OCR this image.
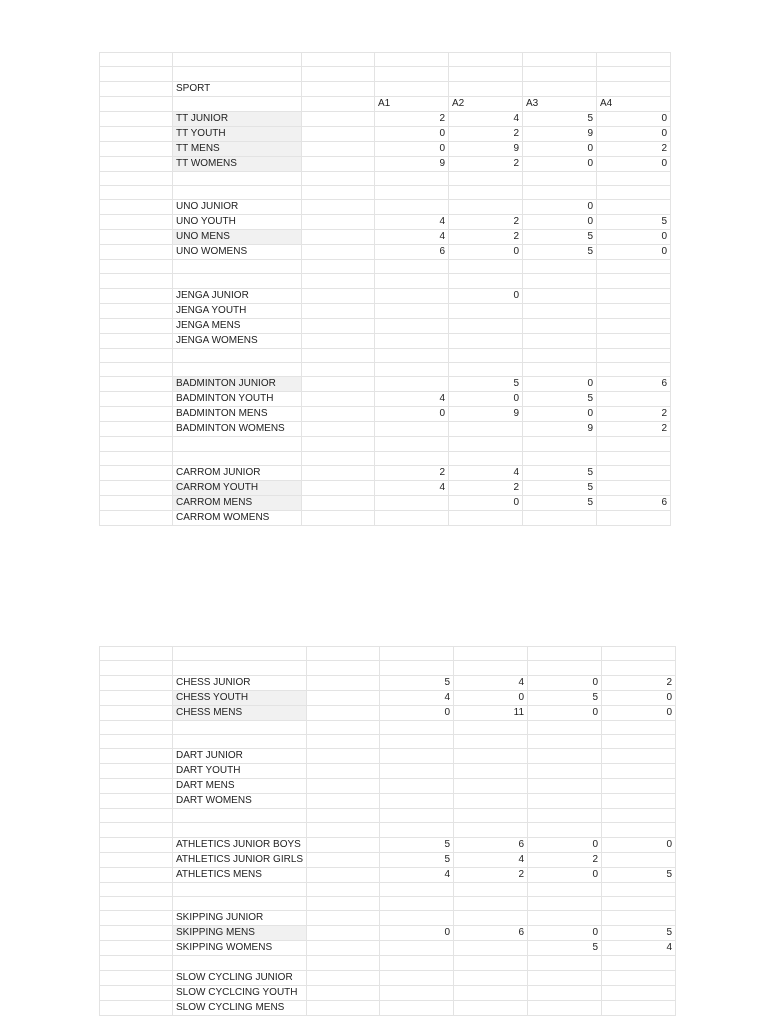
	SPORT					
			A1	A2	A3	A4
	TT JUNIOR		2	4	5	0
	TT YOUTH		0	2	9	0
	TT MENS		0	9	0	2
	TT WOMENS		9	2	0	0

	UNO JUNIOR				0	
	UNO YOUTH		4	2	0	5
	UNO MENS		4	2	5	0
	UNO WOMENS		6	0	5	0

	JENGA JUNIOR			0		
	JENGA YOUTH					
	JENGA MENS					
	JENGA WOMENS					

	BADMINTON JUNIOR			5	0	6
	BADMINTON YOUTH		4	0	5	
	BADMINTON MENS		0	9	0	2
	BADMINTON WOMENS				9	2

	CARROM JUNIOR		2	4	5	
	CARROM YOUTH		4	2	5	
	CARROM MENS			0	5	6
	CARROM WOMENS					

	CHESS JUNIOR		5	4	0	2
	CHESS YOUTH		4	0	5	0
	CHESS MENS		0	11	0	0

	DART JUNIOR					
	DART YOUTH					
	DART MENS					
	DART WOMENS					

	ATHLETICS JUNIOR BOYS		5	6	0	0
	ATHLETICS JUNIOR GIRLS		5	4	2	
	ATHLETICS MENS		4	2	0	5

	SKIPPING JUNIOR					
	SKIPPING MENS		0	6	0	5
	SKIPPING WOMENS				5	4

	SLOW CYCLING JUNIOR					
	SLOW CYCLCING YOUTH					
	SLOW CYCLING MENS					
